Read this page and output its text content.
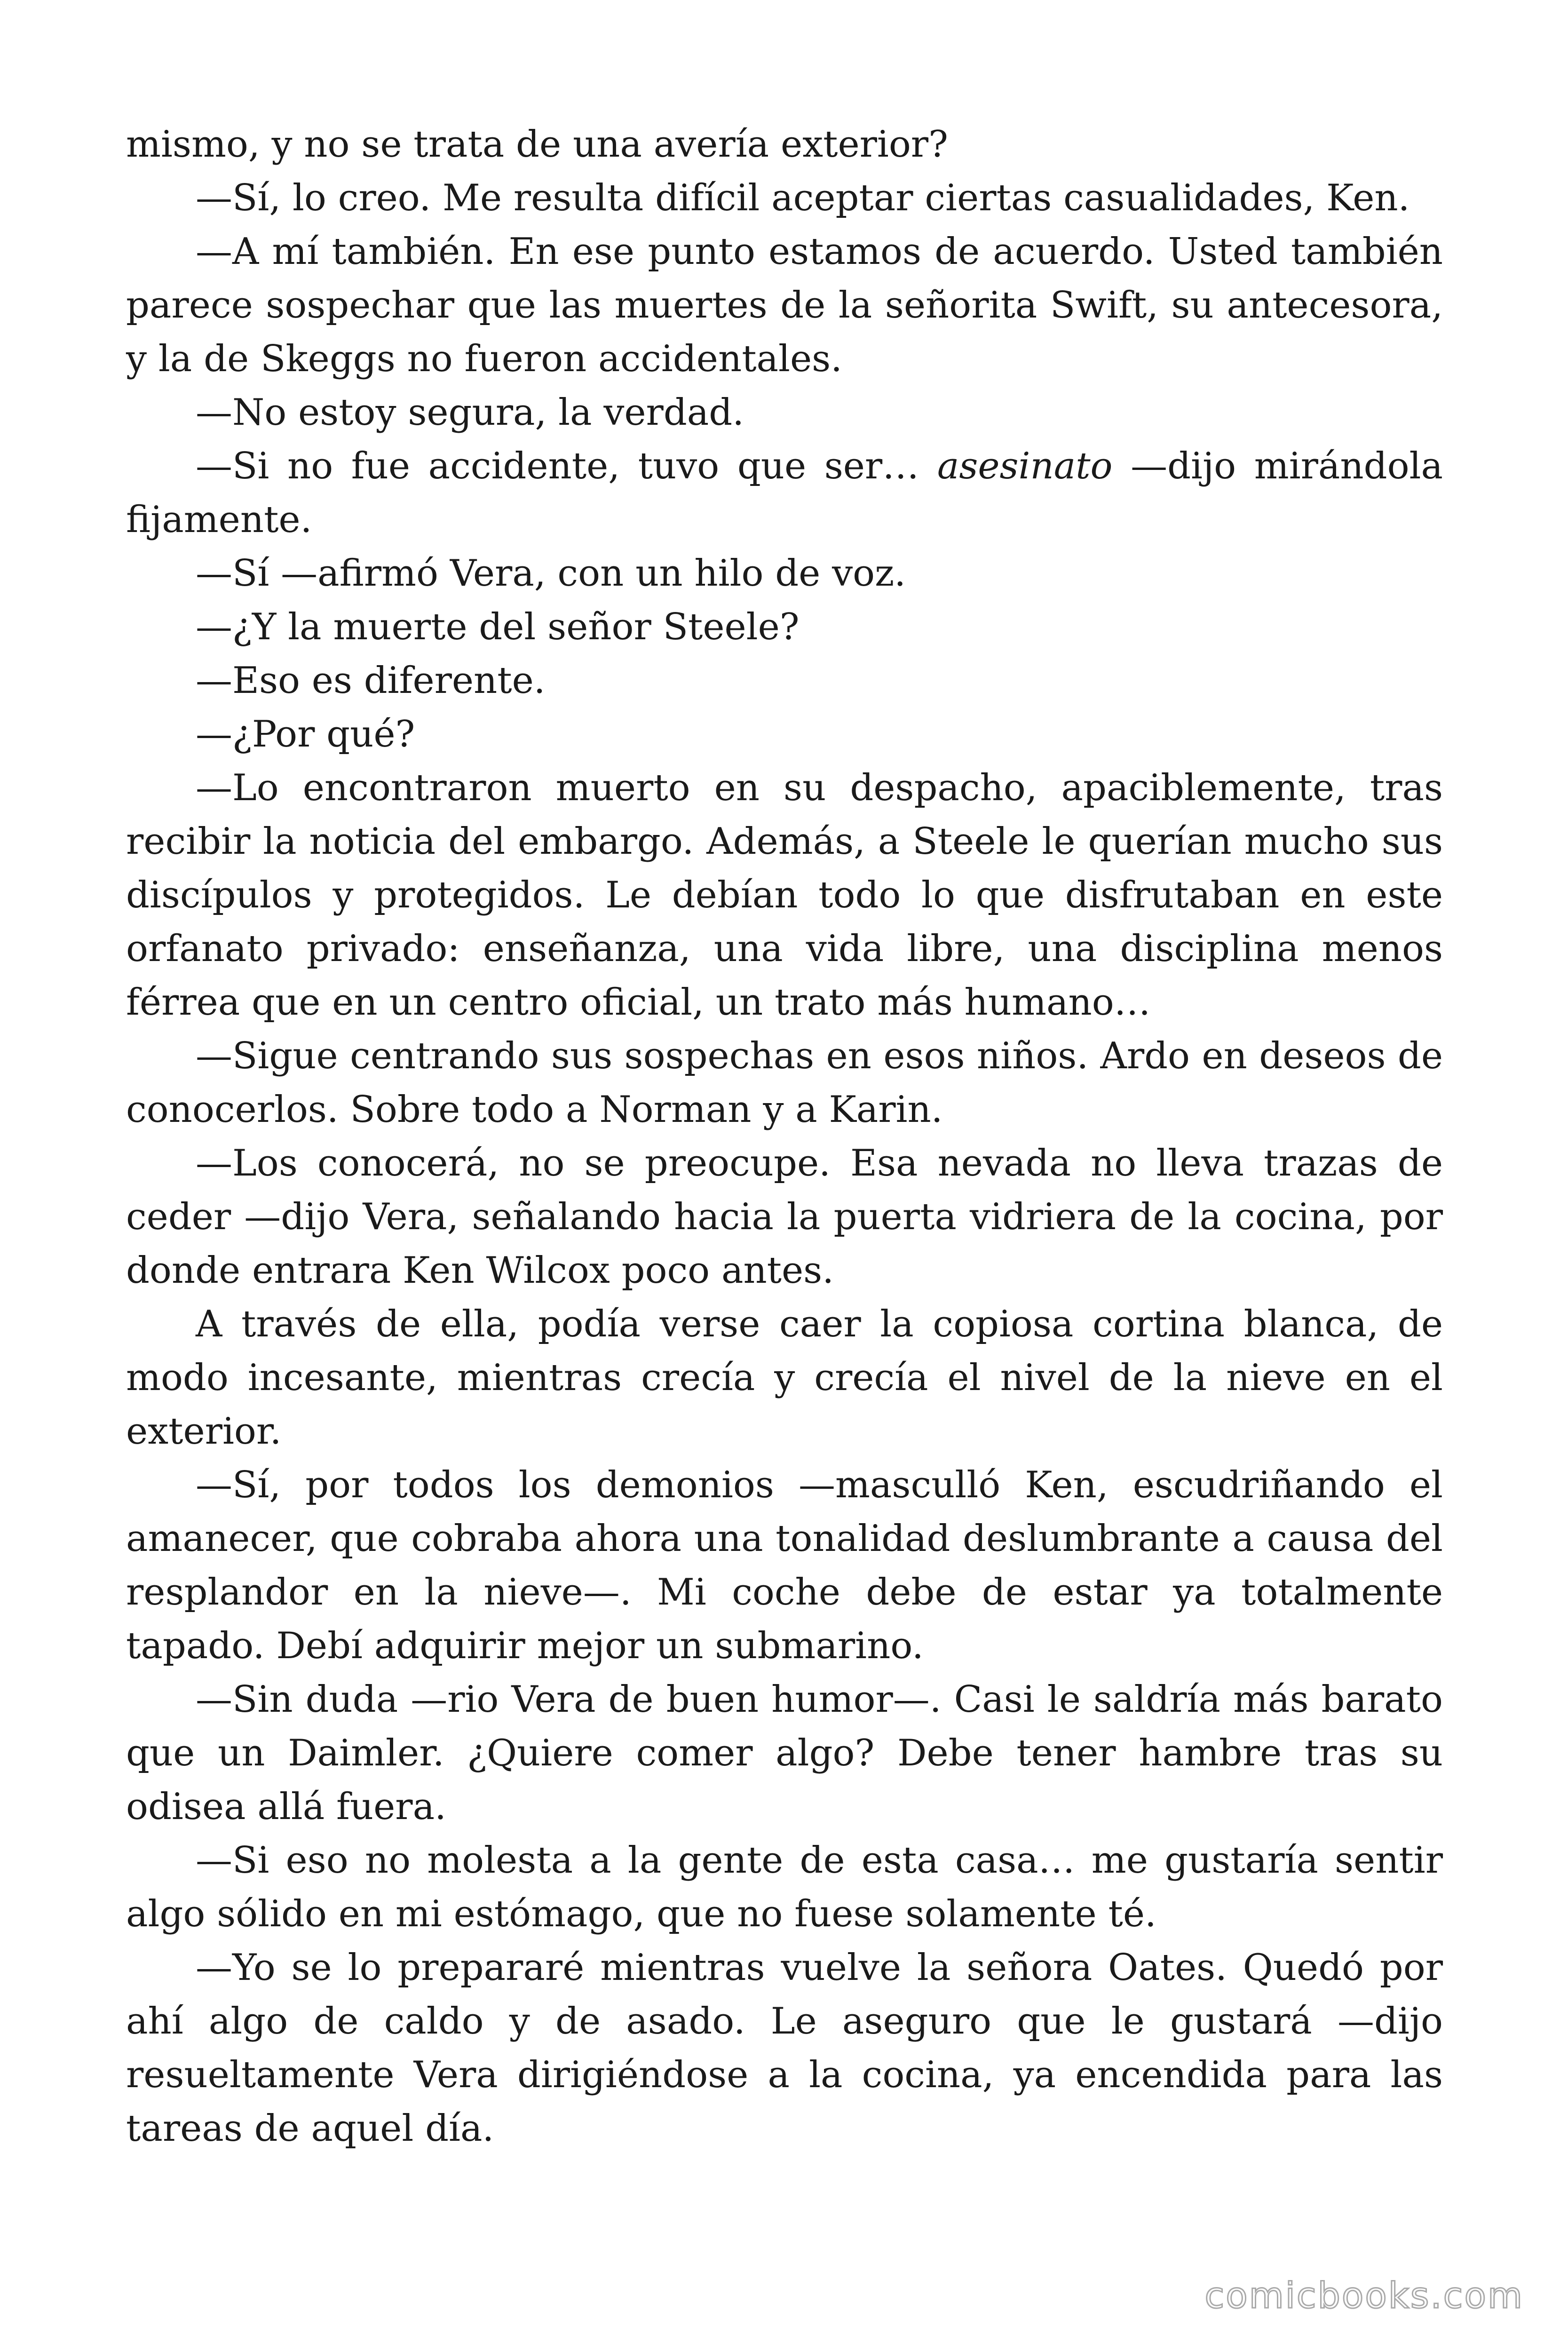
mismo, y no se trata de una avería exterior?

—Sí, lo creo. Me resulta difícil aceptar ciertas casualidades, Ken.

—A mí también. En ese punto estamos de acuerdo. Usted también parece sospechar que las muertes de la señorita Swift, su antecesora, y la de Skeggs no fueron accidentales.

—No estoy segura, la verdad.

—Si no fue accidente, tuvo que ser… asesinato —dijo mirándola fijamente.

—Sí —afirmó Vera, con un hilo de voz.

—¿Y la muerte del señor Steele?

—Eso es diferente.

—¿Por qué?

—Lo encontraron muerto en su despacho, apaciblemente, tras recibir la noticia del embargo. Además, a Steele le querían mucho sus discípulos y protegidos. Le debían todo lo que disfrutaban en este orfanato privado: enseñanza, una vida libre, una disciplina menos férrea que en un centro oficial, un trato más humano…

—Sigue centrando sus sospechas en esos niños. Ardo en deseos de conocerlos. Sobre todo a Norman y a Karin.

—Los conocerá, no se preocupe. Esa nevada no lleva trazas de ceder —dijo Vera, señalando hacia la puerta vidriera de la cocina, por donde entrara Ken Wilcox poco antes.

A través de ella, podía verse caer la copiosa cortina blanca, de modo incesante, mientras crecía y crecía el nivel de la nieve en el exterior.

—Sí, por todos los demonios —masculló Ken, escudriñando el amanecer, que cobraba ahora una tonalidad deslumbrante a causa del resplandor en la nieve—. Mi coche debe de estar ya totalmente tapado. Debí adquirir mejor un submarino.

—Sin duda —rio Vera de buen humor—. Casi le saldría más barato que un Daimler. ¿Quiere comer algo? Debe tener hambre tras su odisea allá fuera.

—Si eso no molesta a la gente de esta casa… me gustaría sentir algo sólido en mi estómago, que no fuese solamente té.

—Yo se lo prepararé mientras vuelve la señora Oates. Quedó por ahí algo de caldo y de asado. Le aseguro que le gustará —dijo resueltamente Vera dirigiéndose a la cocina, ya encendida para las tareas de aquel día.

comicbooks.com
